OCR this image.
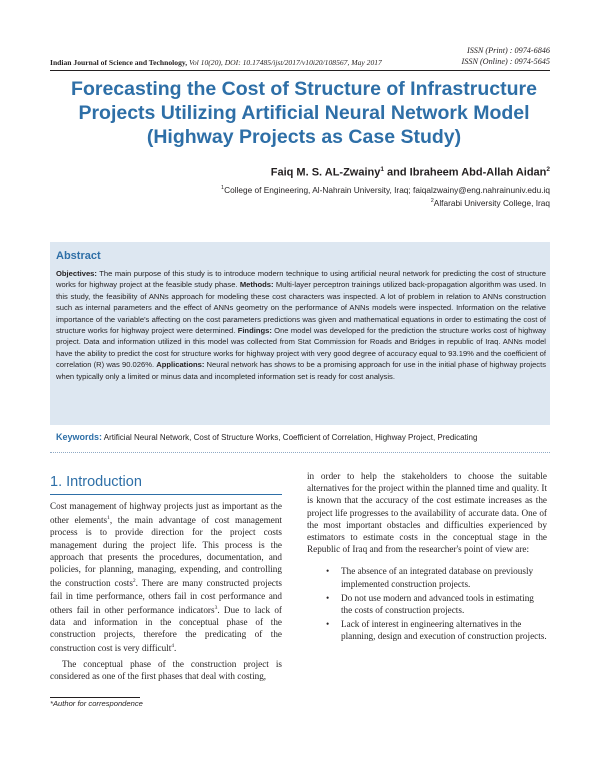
ISSN (Print) : 0974-6846
ISSN (Online) : 0974-5645
Indian Journal of Science and Technology, Vol 10(20), DOI: 10.17485/ijst/2017/v10i20/108567, May 2017
Forecasting the Cost of Structure of Infrastructure
Projects Utilizing Artificial Neural Network Model
(Highway Projects as Case Study)
Faiq M. S. AL-Zwainy$^1$ and Ibraheem Abd-Allah Aidan$^2$
$^1$College of Engineering, Al-Nahrain University, Iraq; faiqalzwainy@eng.nahrainuniv.edu.iq
$^2$Alfarabi University College, Iraq
Abstract
Objectives: The main purpose of this study is to introduce modern technique to using artificial neural network for predicting the cost of structure works for highway project at the feasible study phase. Methods: Multi-layer perceptron trainings utilized back-propagation algorithm was used. In this study, the feasibility of ANNs approach for modeling these cost characters was inspected. A lot of problem in relation to ANNs construction such as internal parameters and the effect of ANNs geometry on the performance of ANNs models were inspected. Information on the relative importance of the variable's affecting on the cost parameters predictions was given and mathematical equations in order to estimating the cost of structure works for highway project were determined. Findings: One model was developed for the prediction the structure works cost of highway project. Data and information utilized in this model was collected from Stat Commission for Roads and Bridges in republic of Iraq. ANNs model have the ability to predict the cost for structure works for highway project with very good degree of accuracy equal to 93.19% and the coefficient of correlation (R) was 90.026%. Applications: Neural network has shows to be a promising approach for use in the initial phase of highway projects when typically only a limited or minus data and incompleted information set is ready for cost analysis.
Keywords: Artificial Neural Network, Cost of Structure Works, Coefficient of Correlation, Highway Project, Predicating
1. Introduction

Cost management of highway projects just as important as the other elements$^1$, the main advantage of cost management process is to provide direction for the project costs management during the project life. This process is the approach that presents the procedures, documentation, and policies, for planning, managing, expending, and controlling the construction costs$^2$. There are many constructed projects fail in time performance, others fail in cost performance and others fail in other performance indicators$^3$. Due to lack of data and information in the conceptual phase of the construction projects, therefore the predicating of the construction cost is very difficult$^4$.

The conceptual phase of the construction project is considered as one of the first phases that deal with costing,

in order to help the stakeholders to choose the suitable alternatives for the project within the planned time and quality. It is known that the accuracy of the cost estimate increases as the project life progresses to the availability of accurate data. One of the most important obstacles and difficulties experienced by estimators to estimate costs in the conceptual stage in the Republic of Iraq and from the researcher's point of view are:

• The absence of an integrated database on previously implemented construction projects.
• Do not use modern and advanced tools in estimating the costs of construction projects.
• Lack of interest in engineering alternatives in the planning, design and execution of construction projects.
*Author for correspondence
